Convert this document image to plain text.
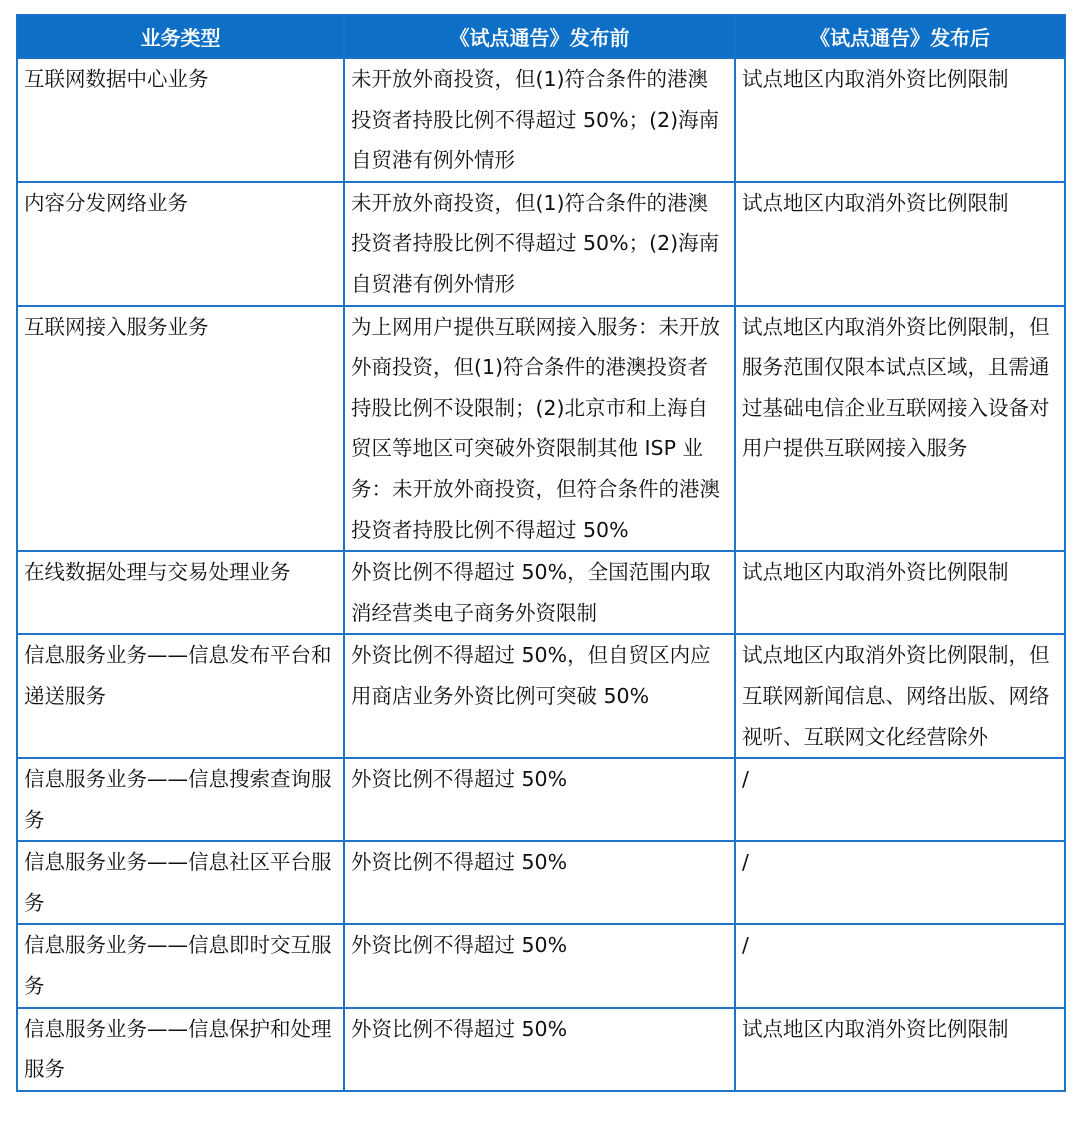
业务类型	《试点通告》发布前	《试点通告》发布后
互联网数据中心业务	未开放外商投资，但(1)符合条件的港澳投资者持股比例不得超过 50%；(2)海南自贸港有例外情形	试点地区内取消外资比例限制
内容分发网络业务	未开放外商投资，但(1)符合条件的港澳投资者持股比例不得超过 50%；(2)海南自贸港有例外情形	试点地区内取消外资比例限制
互联网接入服务业务	为上网用户提供互联网接入服务：未开放外商投资，但(1)符合条件的港澳投资者持股比例不设限制；(2)北京市和上海自贸区等地区可突破外资限制其他 ISP 业务：未开放外商投资，但符合条件的港澳投资者持股比例不得超过 50%	试点地区内取消外资比例限制，但服务范围仅限本试点区域，且需通过基础电信企业互联网接入设备对用户提供互联网接入服务
在线数据处理与交易处理业务	外资比例不得超过 50%，全国范围内取消经营类电子商务外资限制	试点地区内取消外资比例限制
信息服务业务——信息发布平台和递送服务	外资比例不得超过 50%，但自贸区内应用商店业务外资比例可突破 50%	试点地区内取消外资比例限制，但互联网新闻信息、网络出版、网络视听、互联网文化经营除外
信息服务业务——信息搜索查询服务	外资比例不得超过 50%	/
信息服务业务——信息社区平台服务	外资比例不得超过 50%	/
信息服务业务——信息即时交互服务	外资比例不得超过 50%	/
信息服务业务——信息保护和处理服务	外资比例不得超过 50%	试点地区内取消外资比例限制
